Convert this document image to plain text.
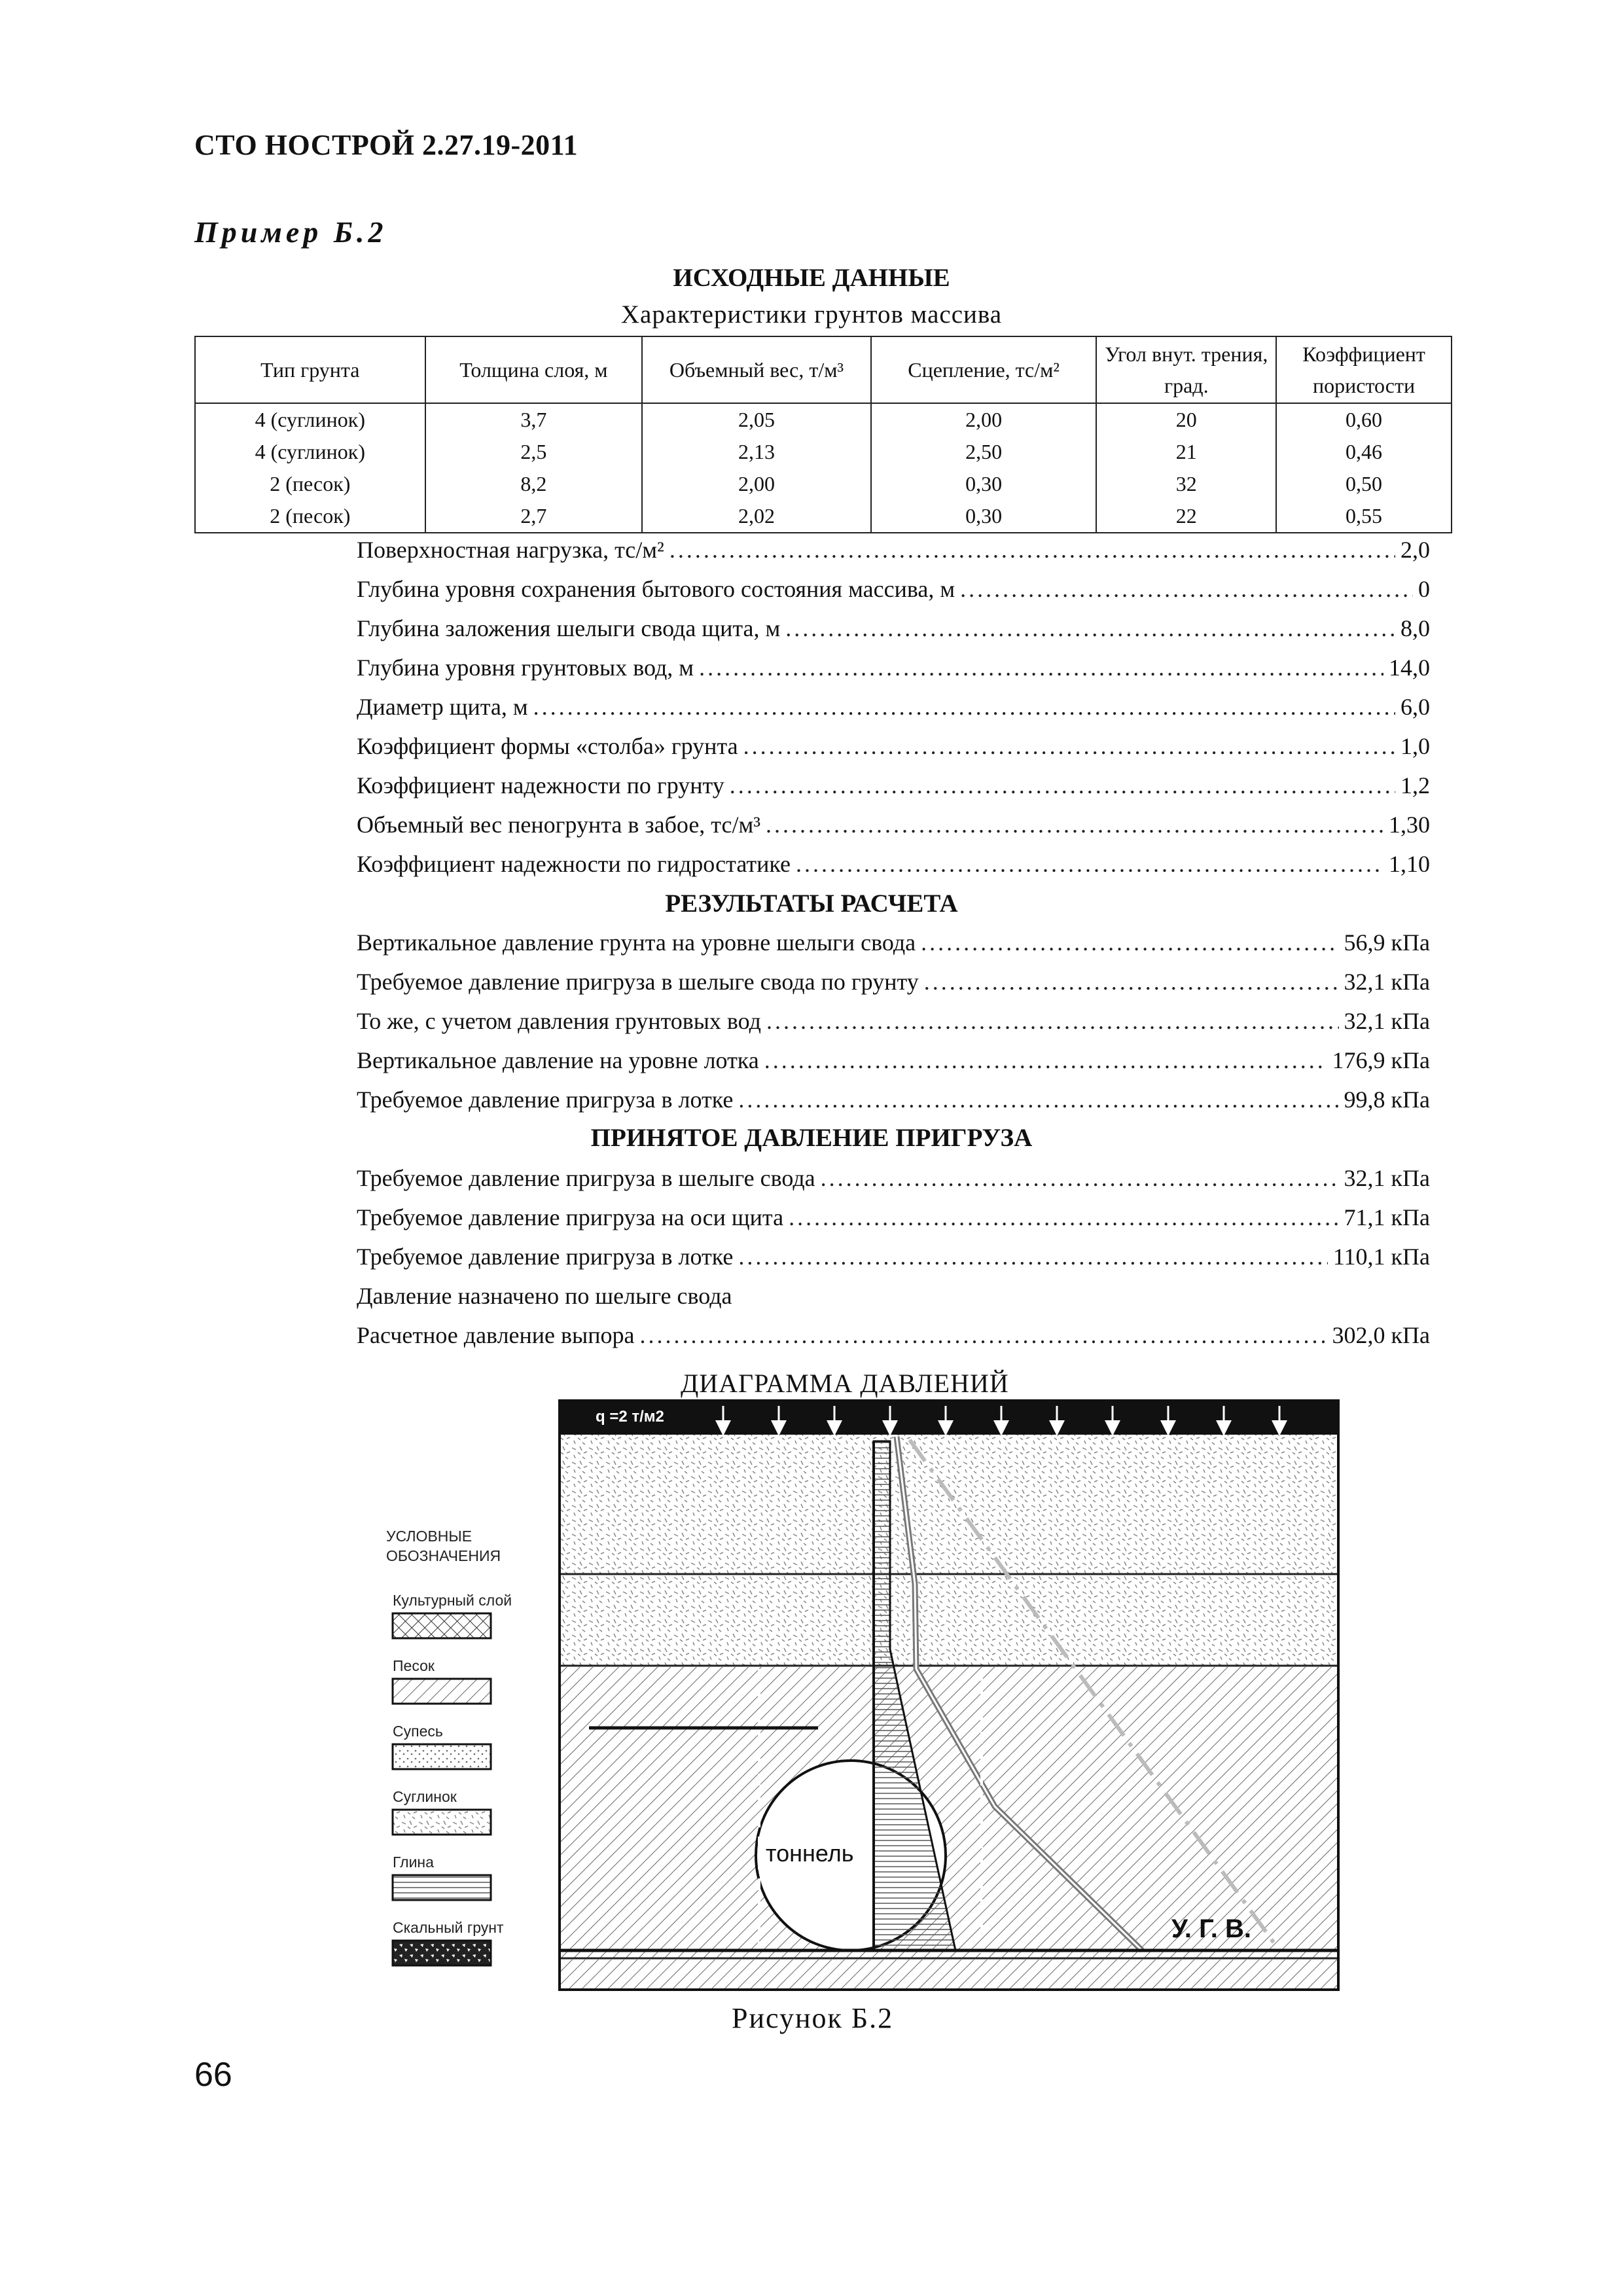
СТО НОСТРОЙ 2.27.19-2011
Пример Б.2
ИСХОДНЫЕ ДАННЫЕ
Характеристики грунтов массива
Тип грунта	Толщина слоя, м	Объемный вес, т/м³	Сцепление, тс/м²	Угол внут. трения, град.	Коэффициент пористости
4 (суглинок)	3,7	2,05	2,00	20	0,60
4 (суглинок)	2,5	2,13	2,50	21	0,46
2 (песок)	8,2	2,00	0,30	32	0,50
2 (песок)	2,7	2,02	0,30	22	0,55
Поверхностная нагрузка, тс/м² .....	2,0
Глубина уровня сохранения бытового состояния массива, м .....	0
Глубина заложения шелыги свода щита, м .....	8,0
Глубина уровня грунтовых вод, м .....	14,0
Диаметр щита, м .....	6,0
Коэффициент формы «столба» грунта .....	1,0
Коэффициент надежности по грунту .....	1,2
Объемный вес пеногрунта в забое, тс/м³ .....	1,30
Коэффициент надежности по гидростатике .....	1,10
РЕЗУЛЬТАТЫ РАСЧЕТА
Вертикальное давление грунта на уровне шелыги свода .....	56,9 кПа
Требуемое давление пригруза в шелыге свода по грунту .....	32,1 кПа
То же, с учетом давления грунтовых вод .....	32,1 кПа
Вертикальное давление на уровне лотка .....	176,9 кПа
Требуемое давление пригруза в лотке .....	99,8 кПа
ПРИНЯТОЕ ДАВЛЕНИЕ ПРИГРУЗА
Требуемое давление пригруза в шелыге свода .....	32,1 кПа
Требуемое давление пригруза на оси щита .....	71,1 кПа
Требуемое давление пригруза в лотке .....	110,1 кПа
Давление назначено по шелыге свода
Расчетное давление выпора .....	302,0 кПа
ДИАГРАММА ДАВЛЕНИЙ
q =2 т/м2
тоннель
У. Г. В.
УСЛОВНЫЕ
ОБОЗНАЧЕНИЯ
Культурный слой
Песок
Супесь
Суглинок
Глина
Скальный грунт
Рисунок Б.2
66
